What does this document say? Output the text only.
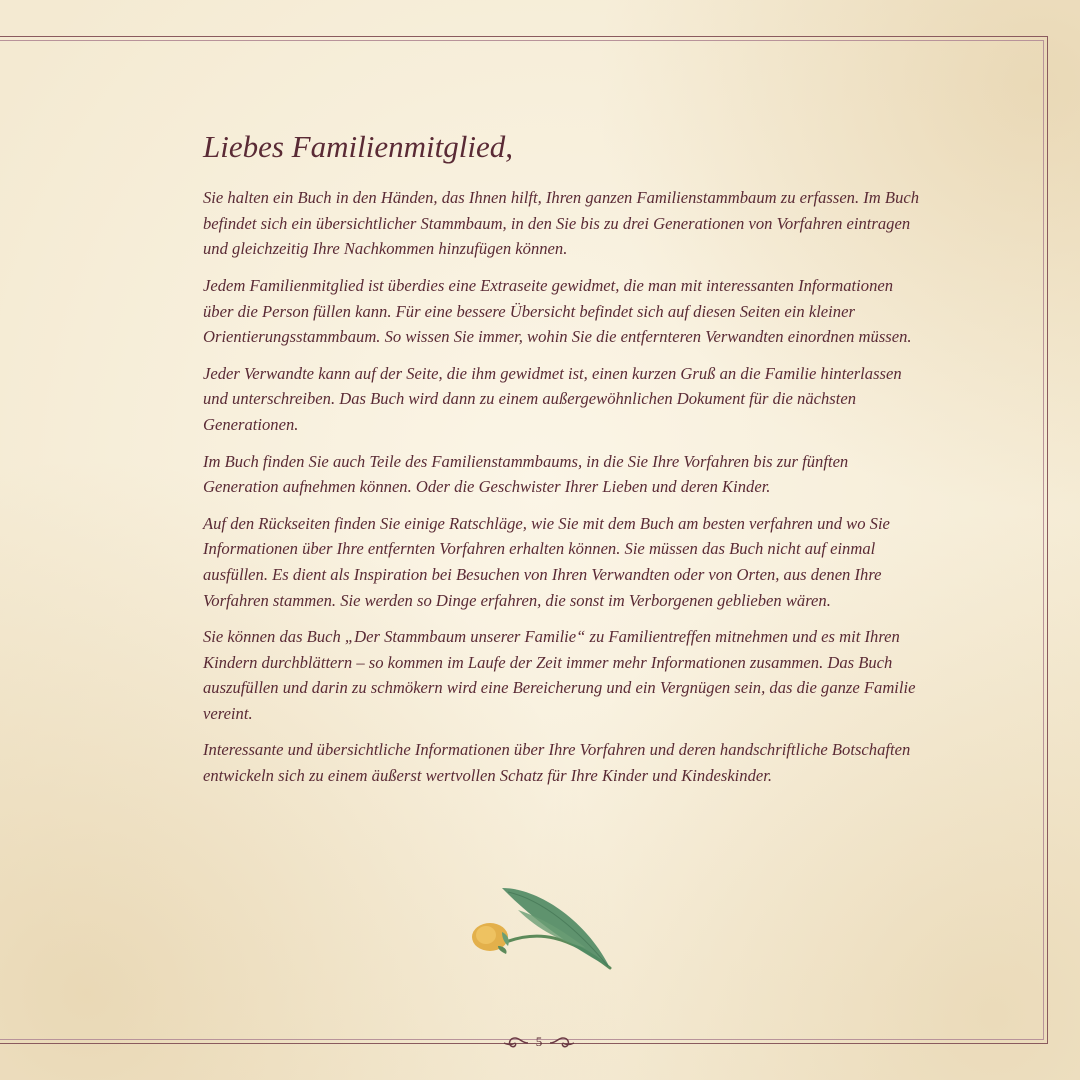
Liebes Familienmitglied,

Sie halten ein Buch in den Händen, das Ihnen hilft, Ihren ganzen Familienstammbaum zu erfassen. Im Buch befindet sich ein übersichtlicher Stammbaum, in den Sie bis zu drei Generationen von Vorfahren eintragen und gleichzeitig Ihre Nachkommen hinzufügen können.

Jedem Familienmitglied ist überdies eine Extraseite gewidmet, die man mit interessanten Informationen über die Person füllen kann. Für eine bessere Übersicht befindet sich auf diesen Seiten ein kleiner Orientierungsstammbaum. So wissen Sie immer, wohin Sie die entfernteren Verwandten einordnen müssen.

Jeder Verwandte kann auf der Seite, die ihm gewidmet ist, einen kurzen Gruß an die Familie hinterlassen und unterschreiben. Das Buch wird dann zu einem außergewöhnlichen Dokument für die nächsten Generationen.

Im Buch finden Sie auch Teile des Familienstammbaums, in die Sie Ihre Vorfahren bis zur fünften Generation aufnehmen können. Oder die Geschwister Ihrer Lieben und deren Kinder.

Auf den Rückseiten finden Sie einige Ratschläge, wie Sie mit dem Buch am besten verfahren und wo Sie Informationen über Ihre entfernten Vorfahren erhalten können. Sie müssen das Buch nicht auf einmal ausfüllen. Es dient als Inspiration bei Besuchen von Ihren Verwandten oder von Orten, aus denen Ihre Vorfahren stammen. Sie werden so Dinge erfahren, die sonst im Verborgenen geblieben wären.

Sie können das Buch „Der Stammbaum unserer Familie“ zu Familientreffen mitnehmen und es mit Ihren Kindern durchblättern – so kommen im Laufe der Zeit immer mehr Informationen zusammen. Das Buch auszufüllen und darin zu schmökern wird eine Bereicherung und ein Vergnügen sein, das die ganze Familie vereint.

Interessante und übersichtliche Informationen über Ihre Vorfahren und deren handschriftliche Botschaften entwickeln sich zu einem äußerst wertvollen Schatz für Ihre Kinder und Kindeskinder.

5
